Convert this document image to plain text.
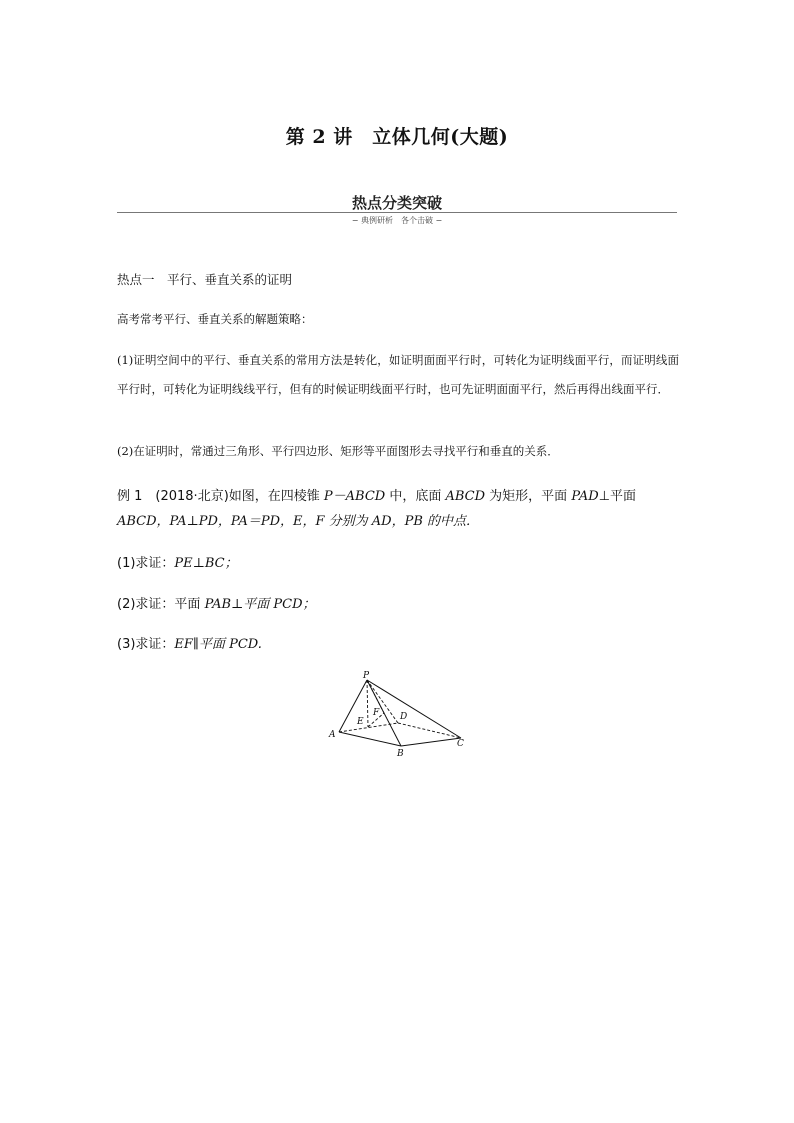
第 2 讲　立体几何(大题)
热点分类突破
− 典例研析　各个击破 −
热点一　平行、垂直关系的证明
高考常考平行、垂直关系的解题策略：
(1)证明空间中的平行、垂直关系的常用方法是转化，如证明面面平行时，可转化为证明线面平行，而证明线面平行时，可转化为证明线线平行，但有的时候证明线面平行时，也可先证明面面平行，然后再得出线面平行．
(2)在证明时，常通过三角形、平行四边形、矩形等平面图形去寻找平行和垂直的关系．
例 1　(2018·北京)如图，在四棱锥 P－ABCD 中，底面 ABCD 为矩形，平面 PAD⊥平面
ABCD，PA⊥PD，PA＝PD，E，F 分别为 AD，PB 的中点．
(1)求证：PE⊥BC；
(2)求证：平面 PAB⊥平面 PCD；
(3)求证：EF∥平面 PCD.
P
A
B
C
D
E
F
